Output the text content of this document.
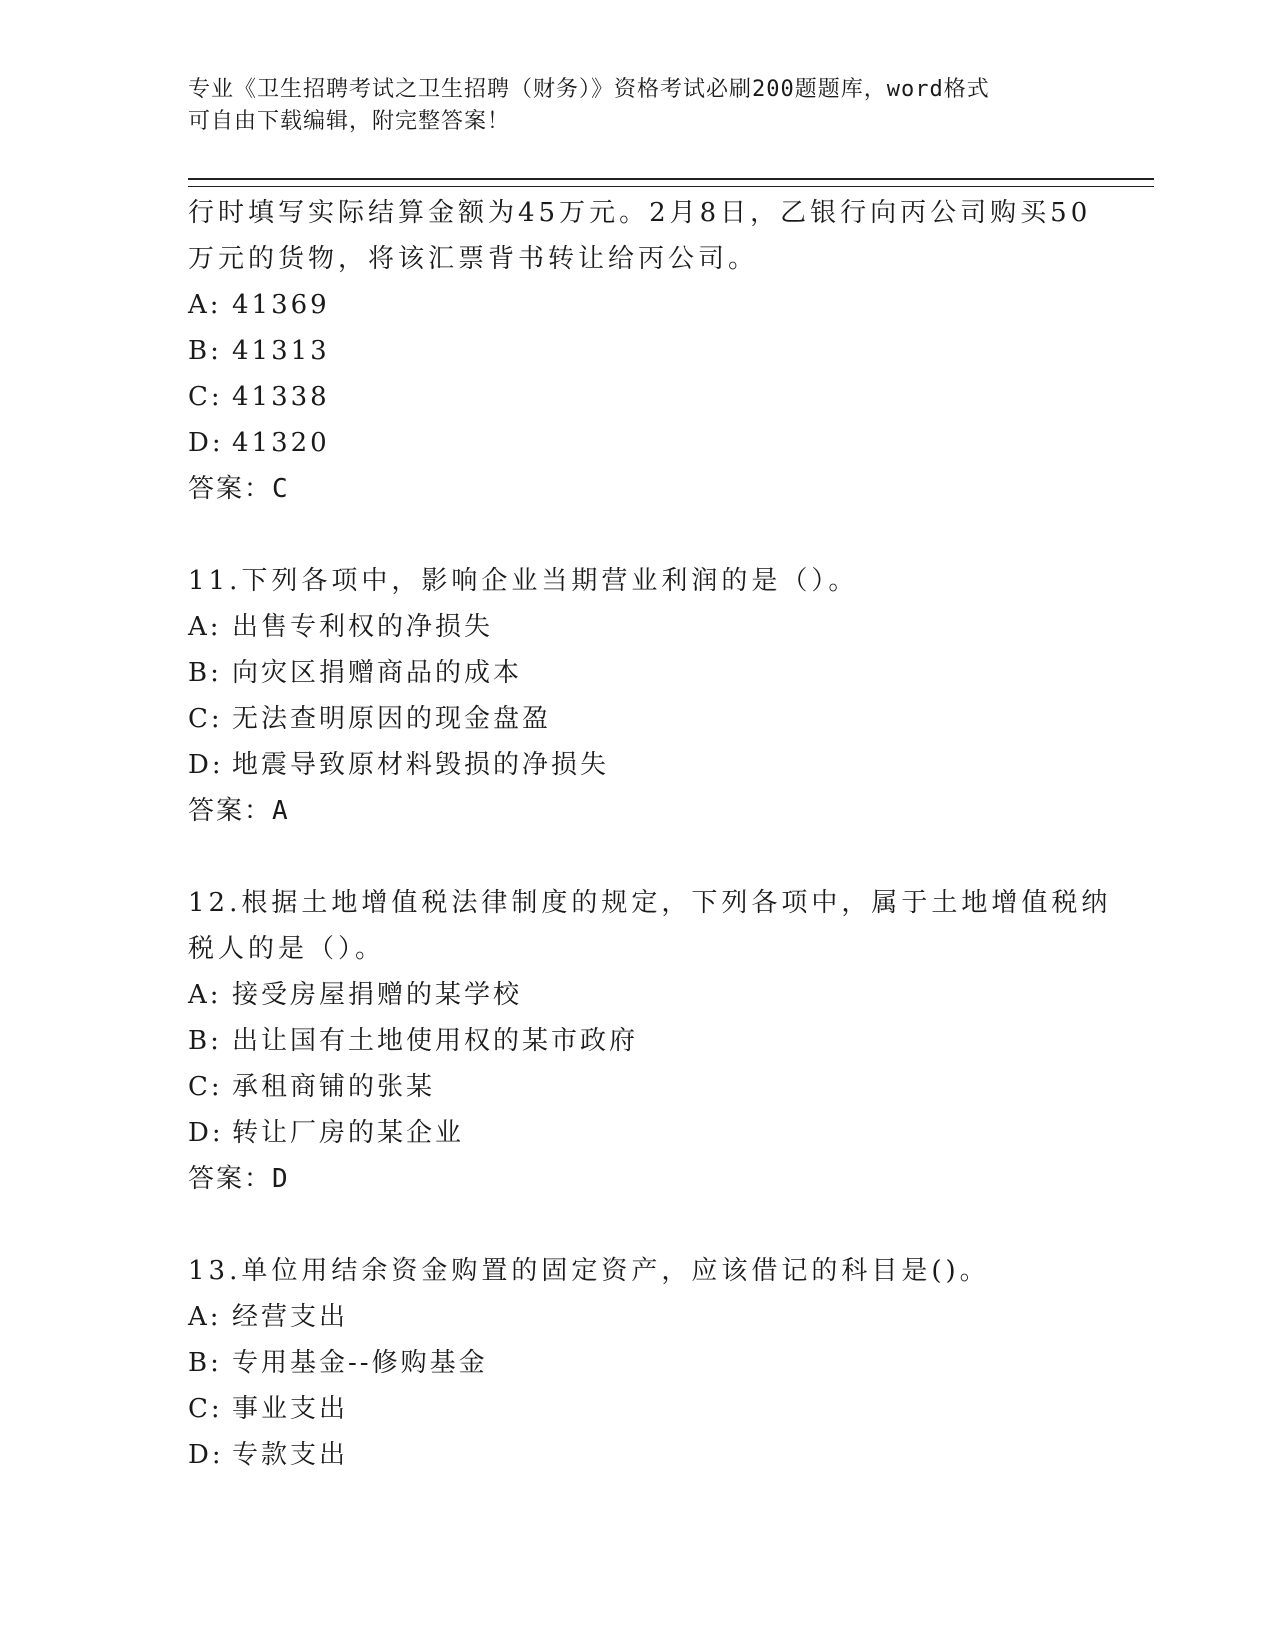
专业《卫生招聘考试之卫生招聘（财务）》资格考试必刷200题题库，word格式
可自由下载编辑，附完整答案！
行时填写实际结算金额为45万元。2月8日，乙银行向丙公司购买50
万元的货物，将该汇票背书转让给丙公司。
A: 41369
B: 41313
C: 41338
D: 41320
答案：C
11.下列各项中，影响企业当期营业利润的是（）。
A: 出售专利权的净损失
B: 向灾区捐赠商品的成本
C: 无法查明原因的现金盘盈
D: 地震导致原材料毁损的净损失
答案：A
12.根据土地增值税法律制度的规定，下列各项中，属于土地增值税纳
税人的是（）。
A: 接受房屋捐赠的某学校
B: 出让国有土地使用权的某市政府
C: 承租商铺的张某
D: 转让厂房的某企业
答案：D
13.单位用结余资金购置的固定资产，应该借记的科目是()。
A: 经营支出
B: 专用基金--修购基金
C: 事业支出
D: 专款支出
